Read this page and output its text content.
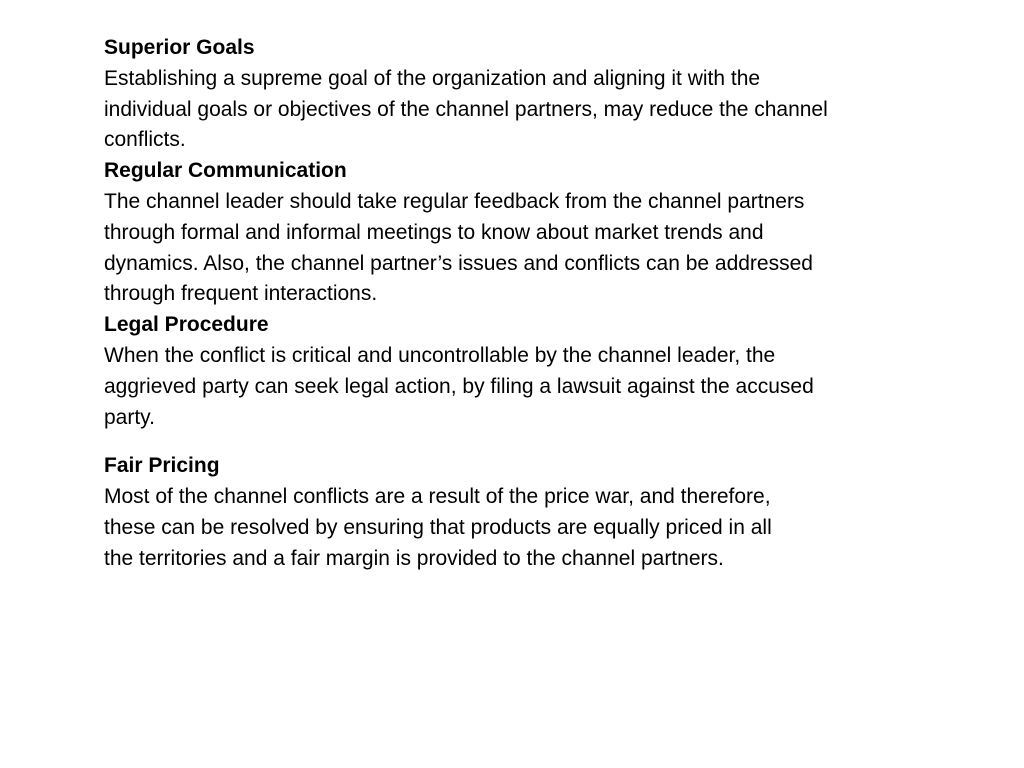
Superior Goals
Establishing a supreme goal of the organization and aligning it with the
individual goals or objectives of the channel partners, may reduce the channel
conflicts.
Regular Communication
The channel leader should take regular feedback from the channel partners
through formal and informal meetings to know about market trends and
dynamics. Also, the channel partner’s issues and conflicts can be addressed
through frequent interactions.
Legal Procedure
When the conflict is critical and uncontrollable by the channel leader, the
aggrieved party can seek legal action, by filing a lawsuit against the accused
party.
Fair Pricing
Most of the channel conflicts are a result of the price war, and therefore,
these can be resolved by ensuring that products are equally priced in all
the territories and a fair margin is provided to the channel partners.
